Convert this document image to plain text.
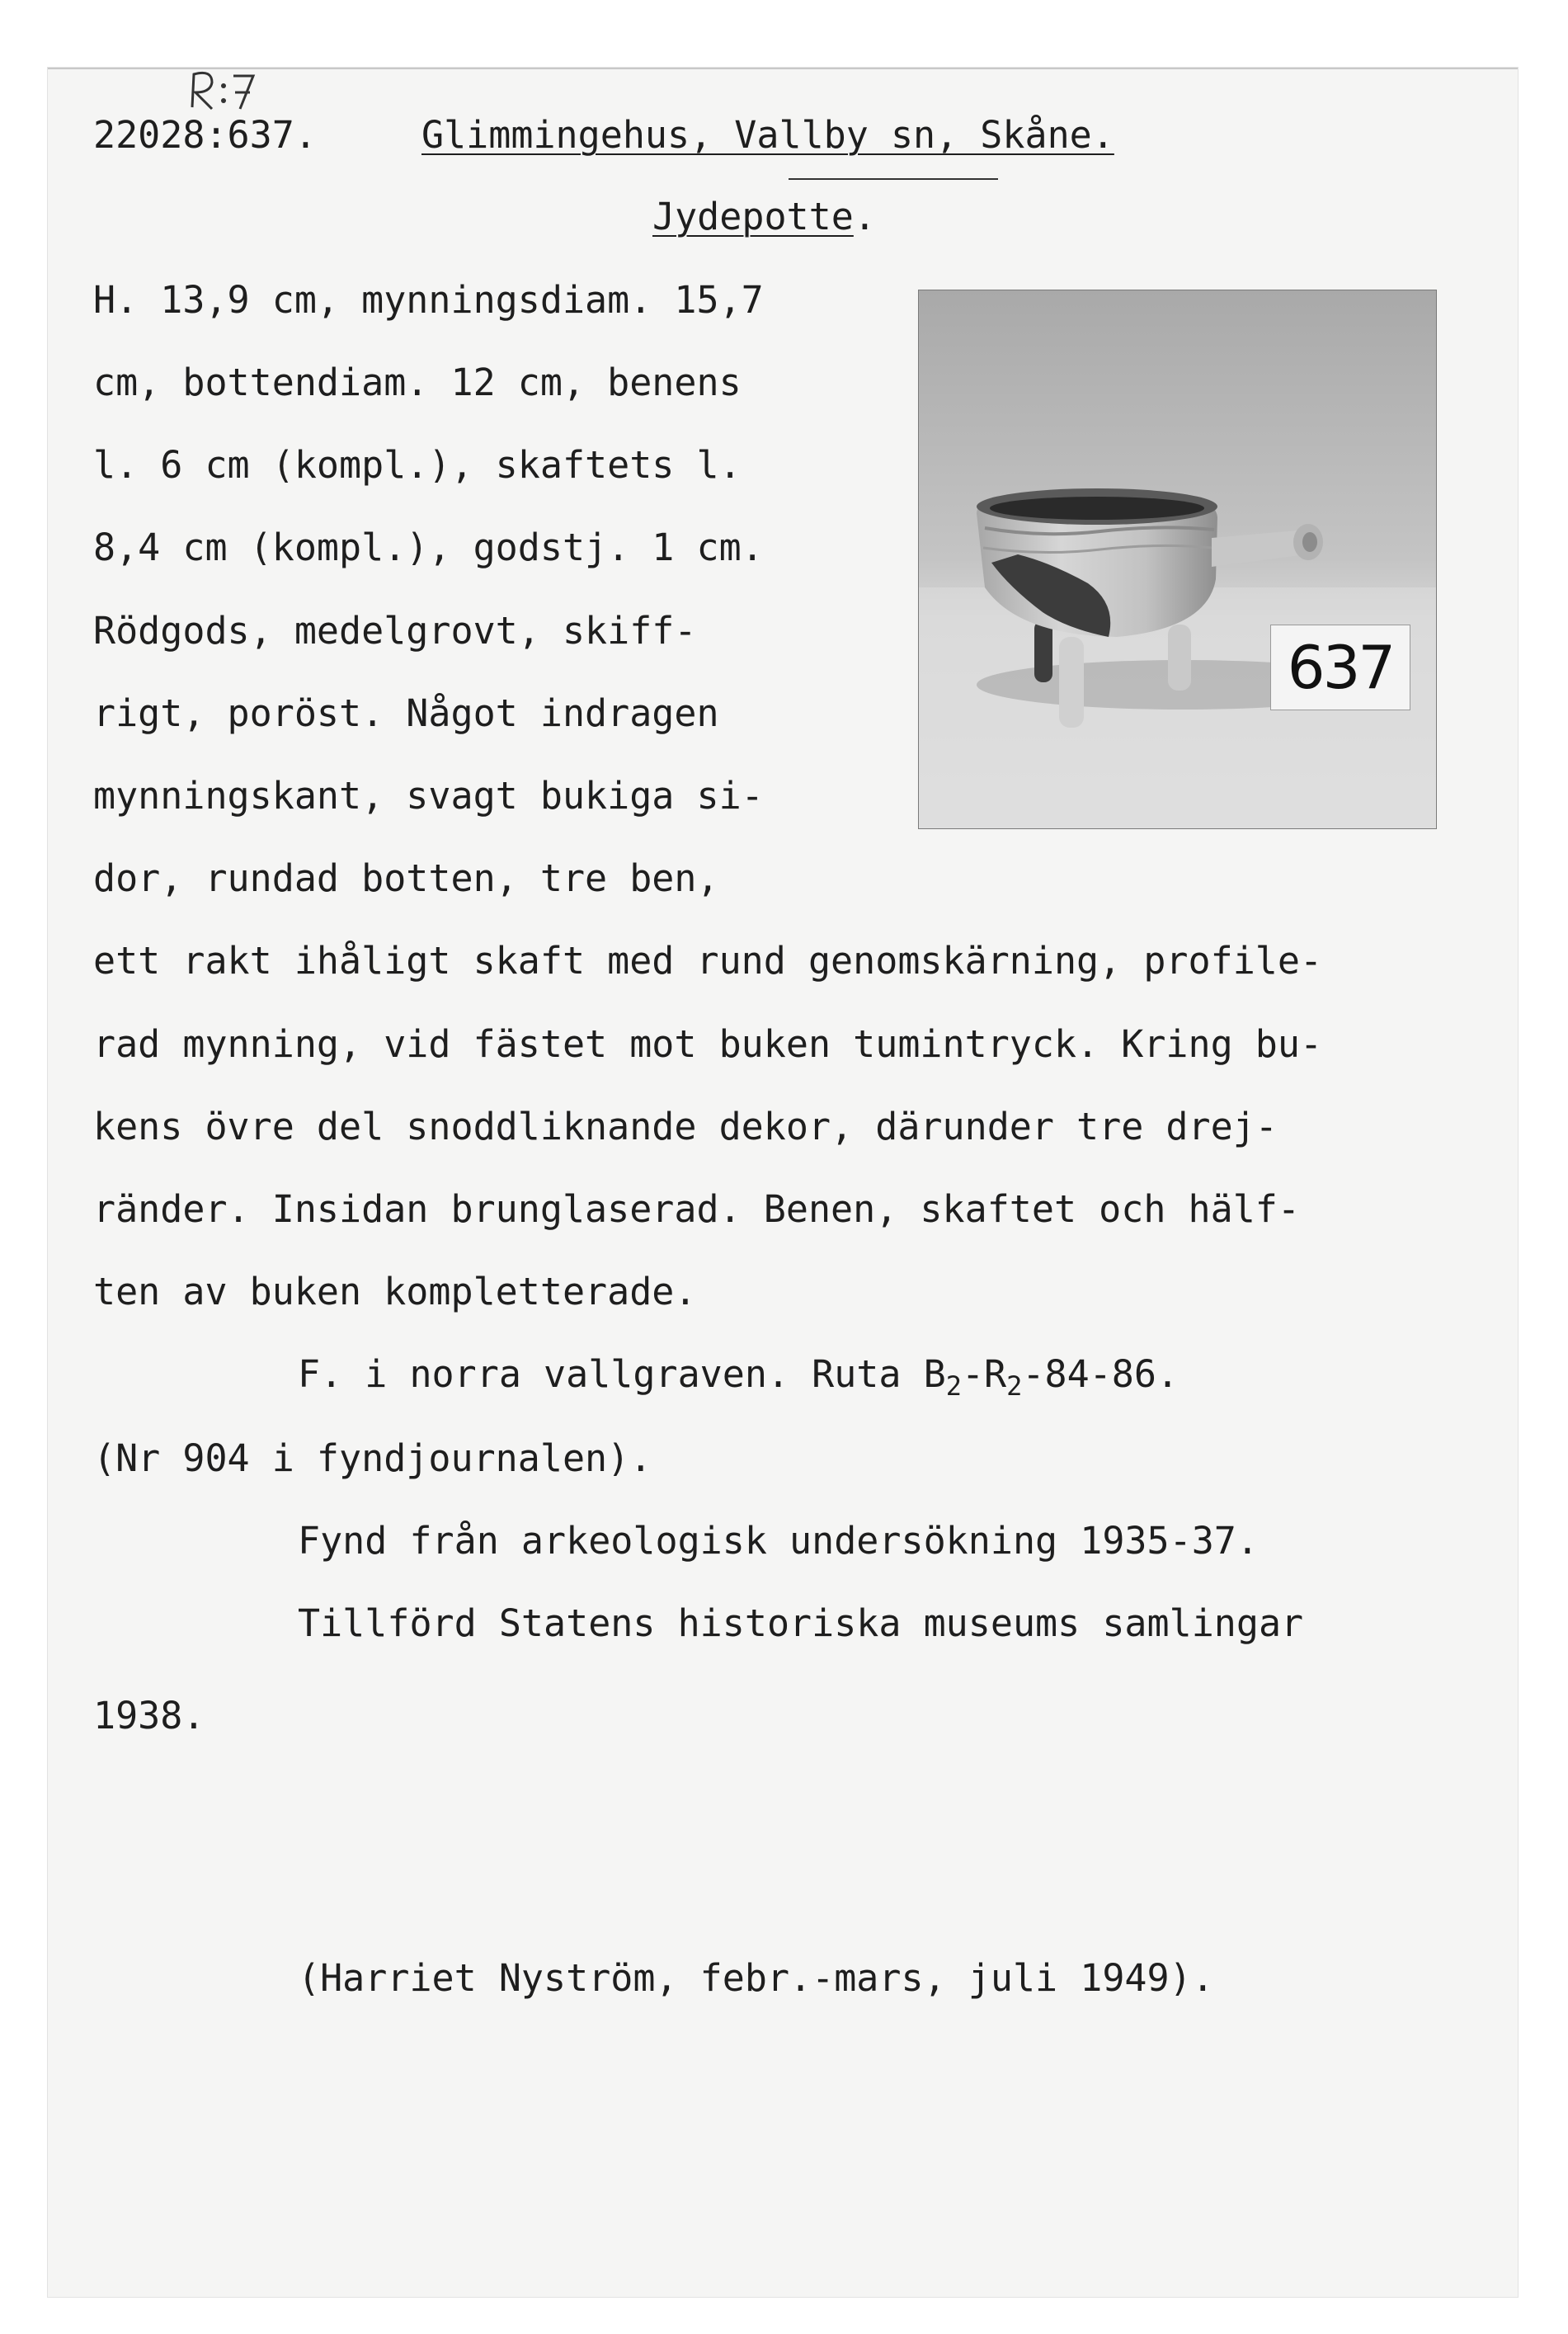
22028:637.	Glimmingehus, Vallby sn, Skåne.
Jydepotte.
H. 13,9 cm, mynningsdiam. 15,7
cm, bottendiam. 12 cm, benens
l. 6 cm (kompl.), skaftets l.
8,4 cm (kompl.), godstj. 1 cm.
Rödgods, medelgrovt, skiff-
rigt, poröst. Något indragen
mynningskant, svagt bukiga si-
dor, rundad botten, tre ben,
ett rakt ihåligt skaft med rund genomskärning, profile-
rad mynning, vid fästet mot buken tumintryck. Kring bu-
kens övre del snoddliknande dekor, därunder tre drej-
ränder. Insidan brunglaserad. Benen, skaftet och hälf-
ten av buken kompletterade.
F. i norra vallgraven. Ruta $B_2-R_2-84-86$.
(Nr 904 i fyndjournalen).
Fynd från arkeologisk undersökning 1935-37.
Tillförd Statens historiska museums samlingar
1938.
(Harriet Nyström, febr.-mars, juli 1949).
637
